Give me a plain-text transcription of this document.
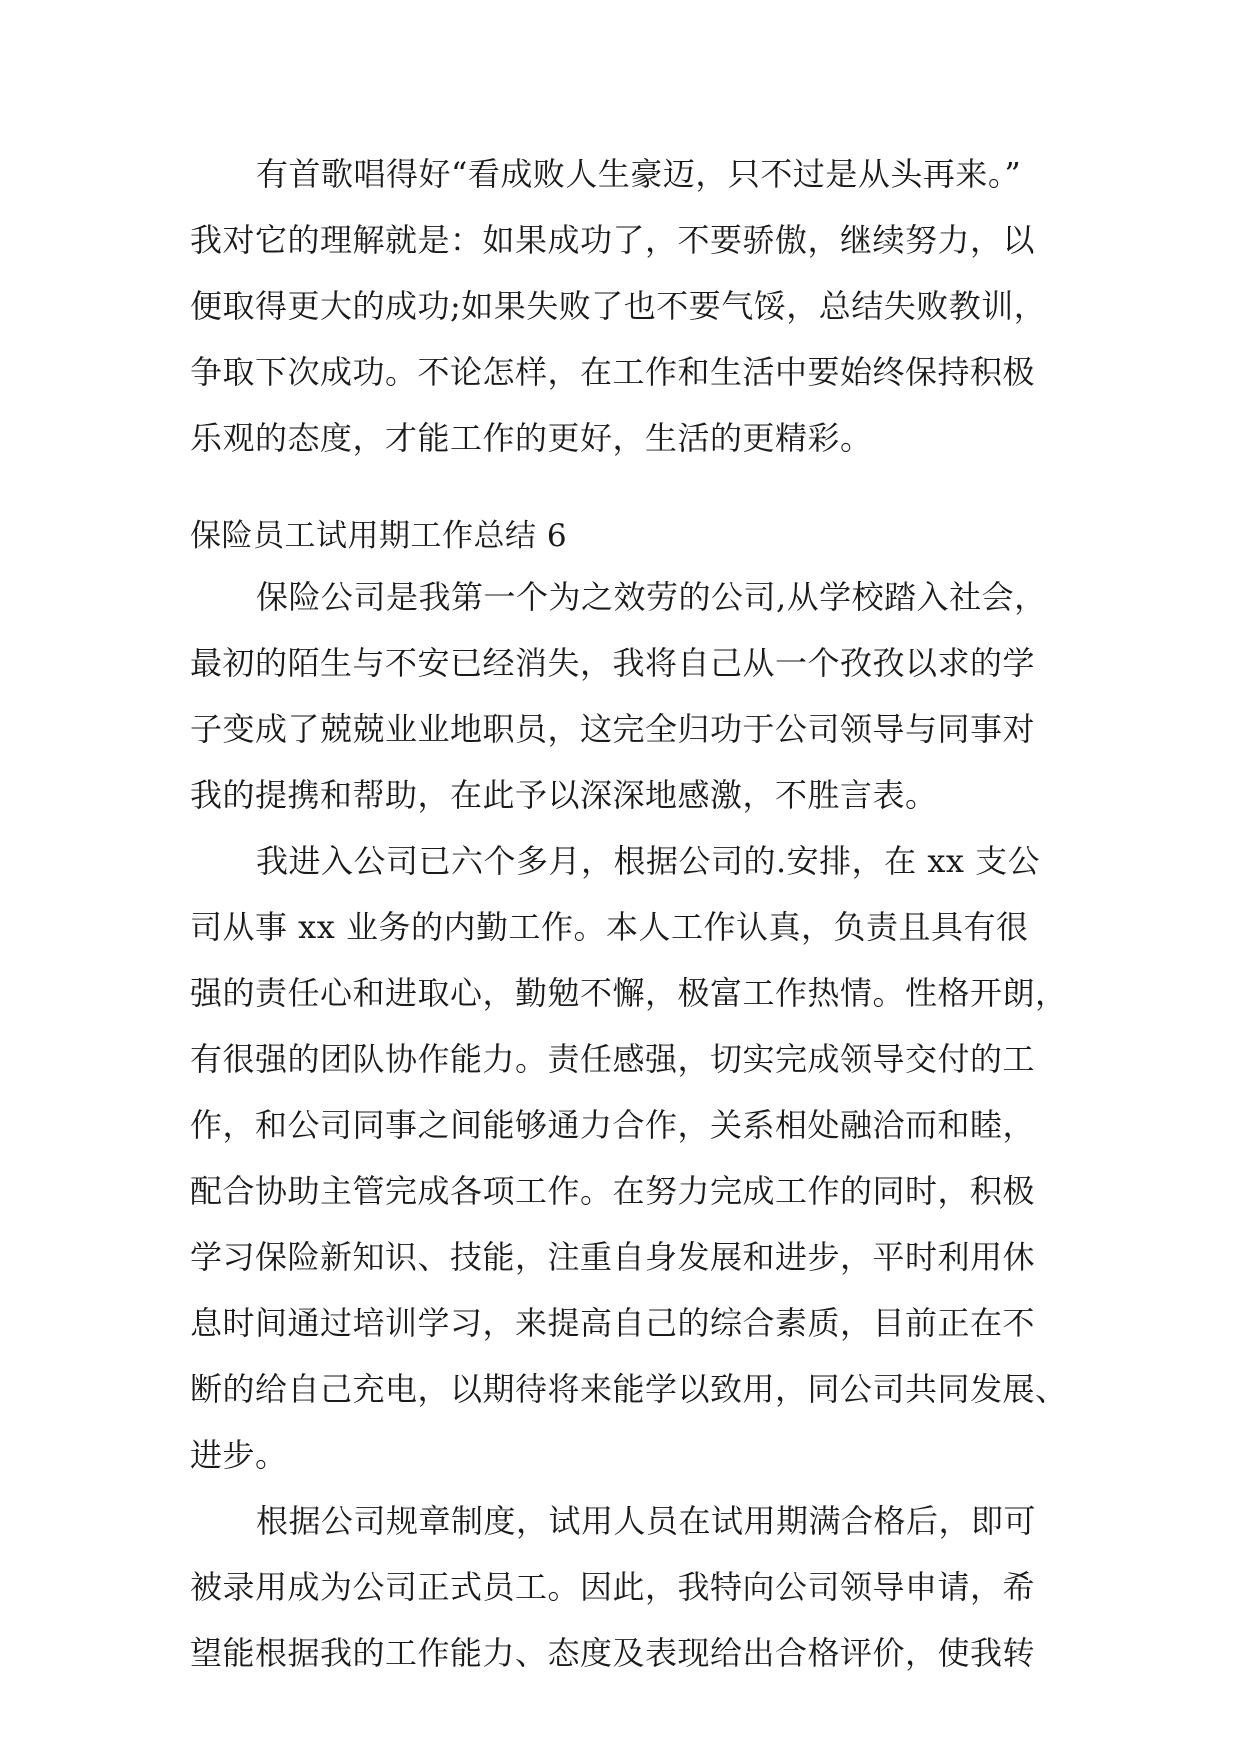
有首歌唱得好“看成败人生豪迈，只不过是从头再来。”
我对它的理解就是：如果成功了，不要骄傲，继续努力，以
便取得更大的成功;如果失败了也不要气馁，总结失败教训，
争取下次成功。不论怎样，在工作和生活中要始终保持积极
乐观的态度，才能工作的更好，生活的更精彩。
保险员工试用期工作总结 6
保险公司是我第一个为之效劳的公司,从学校踏入社会，
最初的陌生与不安已经消失，我将自己从一个孜孜以求的学
子变成了兢兢业业地职员，这完全归功于公司领导与同事对
我的提携和帮助，在此予以深深地感激，不胜言表。
我进入公司已六个多月，根据公司的.安排，在 xx 支公
司从事 xx 业务的内勤工作。本人工作认真，负责且具有很
强的责任心和进取心，勤勉不懈，极富工作热情。性格开朗，
有很强的团队协作能力。责任感强，切实完成领导交付的工
作，和公司同事之间能够通力合作，关系相处融洽而和睦，
配合协助主管完成各项工作。在努力完成工作的同时，积极
学习保险新知识、技能，注重自身发展和进步，平时利用休
息时间通过培训学习，来提高自己的综合素质，目前正在不
断的给自己充电，以期待将来能学以致用，同公司共同发展、
进步。
根据公司规章制度，试用人员在试用期满合格后，即可
被录用成为公司正式员工。因此，我特向公司领导申请，希
望能根据我的工作能力、态度及表现给出合格评价，使我转
